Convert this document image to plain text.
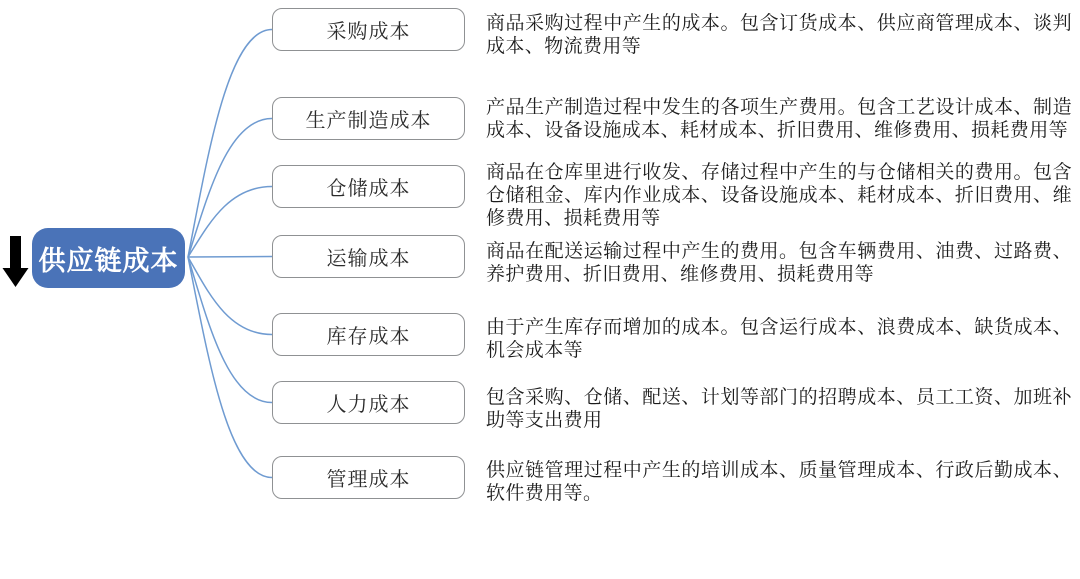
供应链成本
采购成本	商品采购过程中产生的成本。包含订货成本、供应商管理成本、谈判成本、物流费用等
生产制造成本
产品生产制造过程中发生的各项生产费用。包含工艺设计成本、制造成本、设备设施成本、耗材成本、折旧费用、维修费用、损耗费用等
仓储成本
商品在仓库里进行收发、存储过程中产生的与仓储相关的费用。包含仓储租金、库内作业成本、设备设施成本、耗材成本、折旧费用、维修费用、损耗费用等
运输成本	商品在配送运输过程中产生的费用。包含车辆费用、油费、过路费、养护费用、折旧费用、维修费用、损耗费用等
库存成本	由于产生库存而增加的成本。包含运行成本、浪费成本、缺货成本、机会成本等
人力成本	包含采购、仓储、配送、计划等部门的招聘成本、员工工资、加班补助等支出费用
管理成本	供应链管理过程中产生的培训成本、质量管理成本、行政后勤成本、软件费用等。
